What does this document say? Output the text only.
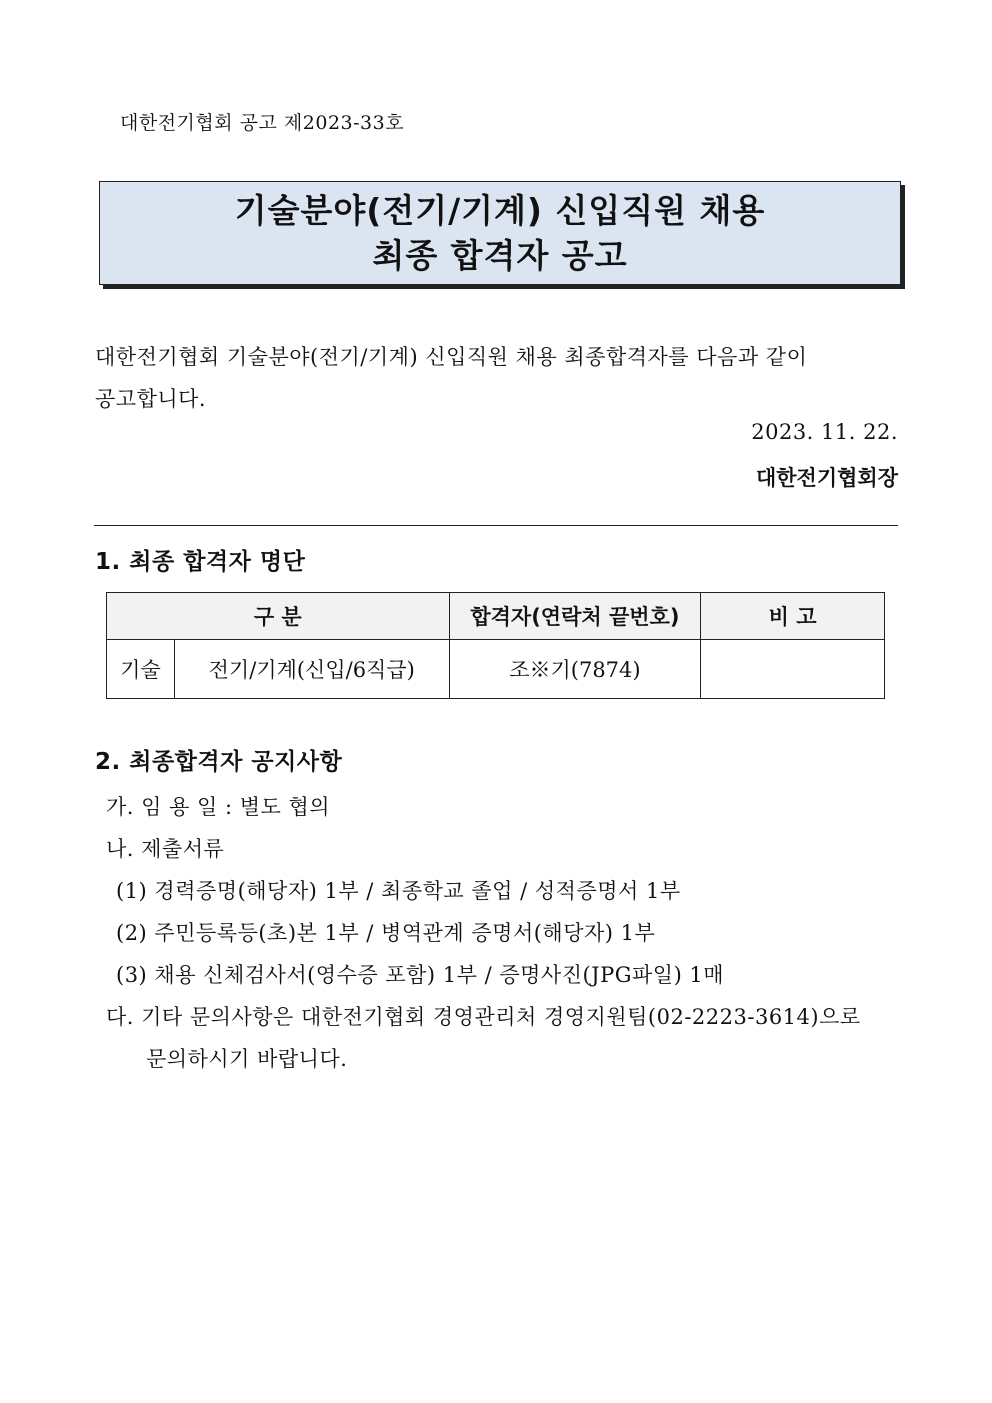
대한전기협회 공고 제2023-33호
기술분야(전기/기계) 신입직원 채용
최종 합격자 공고
대한전기협회 기술분야(전기/기계) 신입직원 채용 최종합격자를 다음과 같이
공고합니다.
2023. 11. 22.
대한전기협회장
1. 최종 합격자 명단
구 분		합격자(연락처 끝번호)	비 고
기술	전기/기계(신입/6직급)	조※기(7874)	
2. 최종합격자 공지사항
가. 임 용 일 : 별도 협의
나. 제출서류
(1) 경력증명(해당자) 1부 / 최종학교 졸업 / 성적증명서 1부
(2) 주민등록등(초)본 1부 / 병역관계 증명서(해당자) 1부
(3) 채용 신체검사서(영수증 포함) 1부 / 증명사진(JPG파일) 1매
다. 기타 문의사항은 대한전기협회 경영관리처 경영지원팀(02-2223-3614)으로
문의하시기 바랍니다.
